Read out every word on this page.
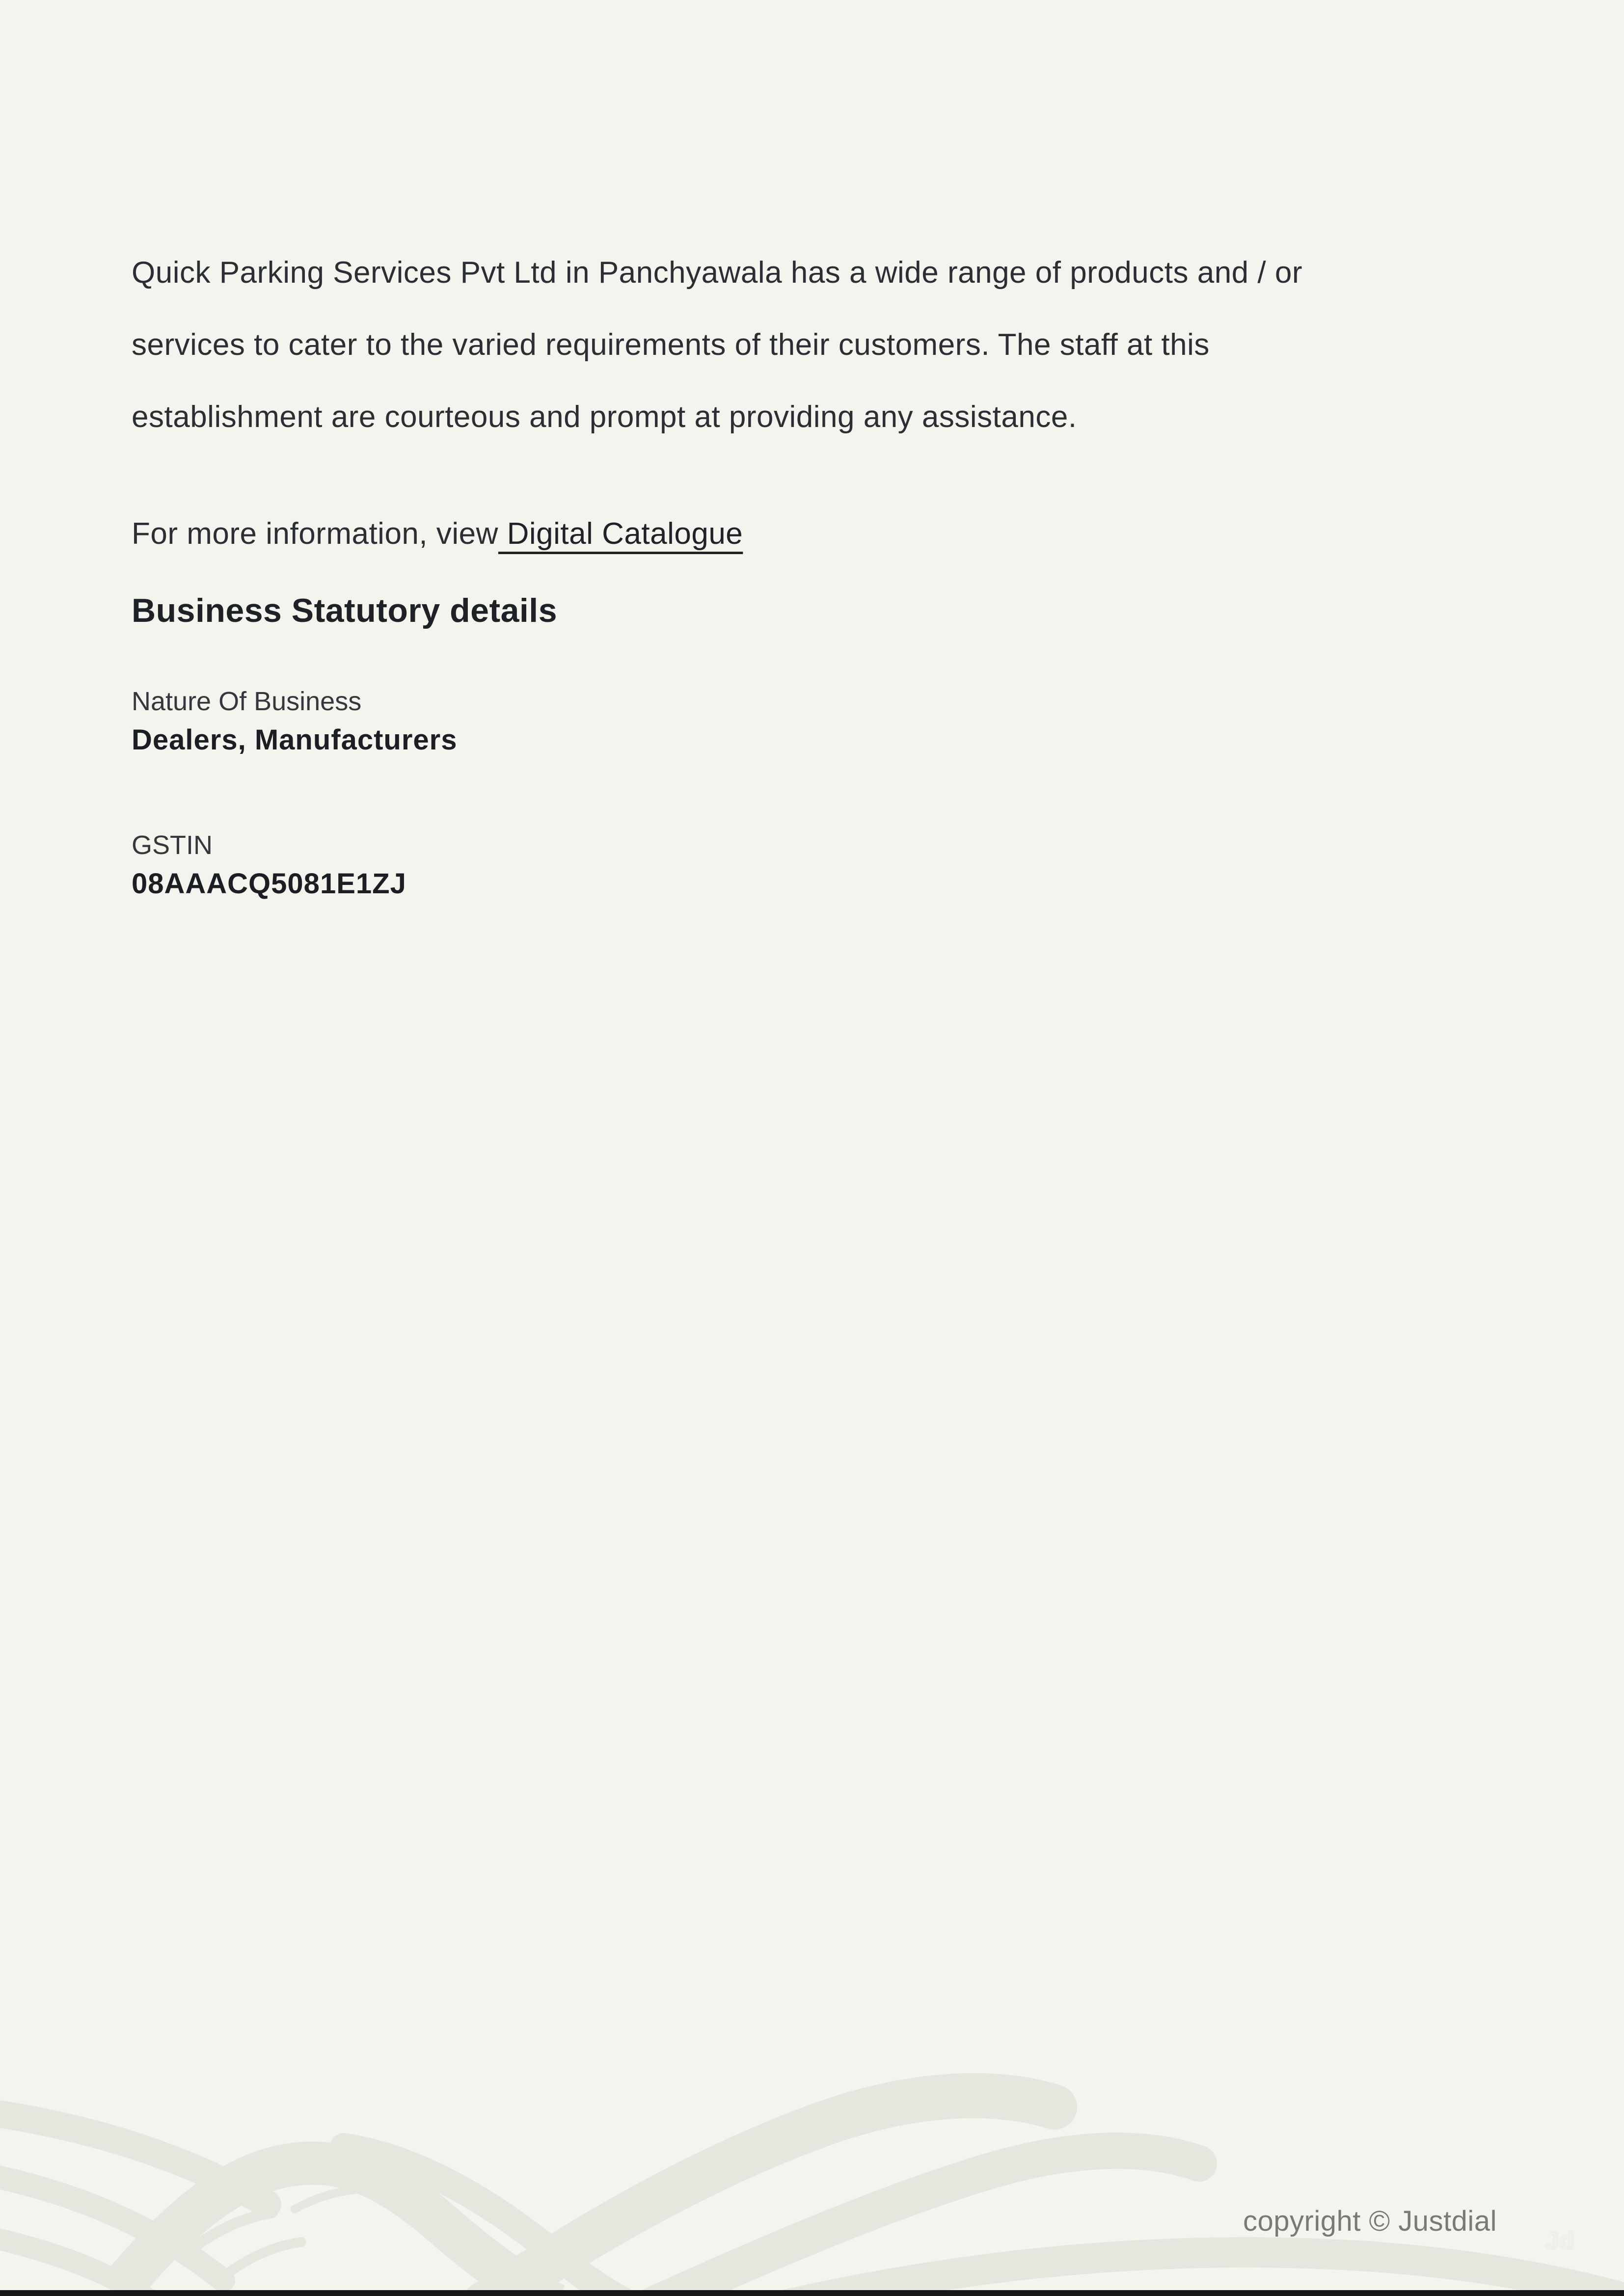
Quick Parking Services Pvt Ltd in Panchyawala has a wide range of products and / or
services to cater to the varied requirements of their customers. The staff at this
establishment are courteous and prompt at providing any assistance.

For more information, view Digital Catalogue

Business Statutory details
Nature Of Business
Dealers, Manufacturers
GSTIN
08AAACQ5081E1ZJ
copyright © Justdial
Jd
